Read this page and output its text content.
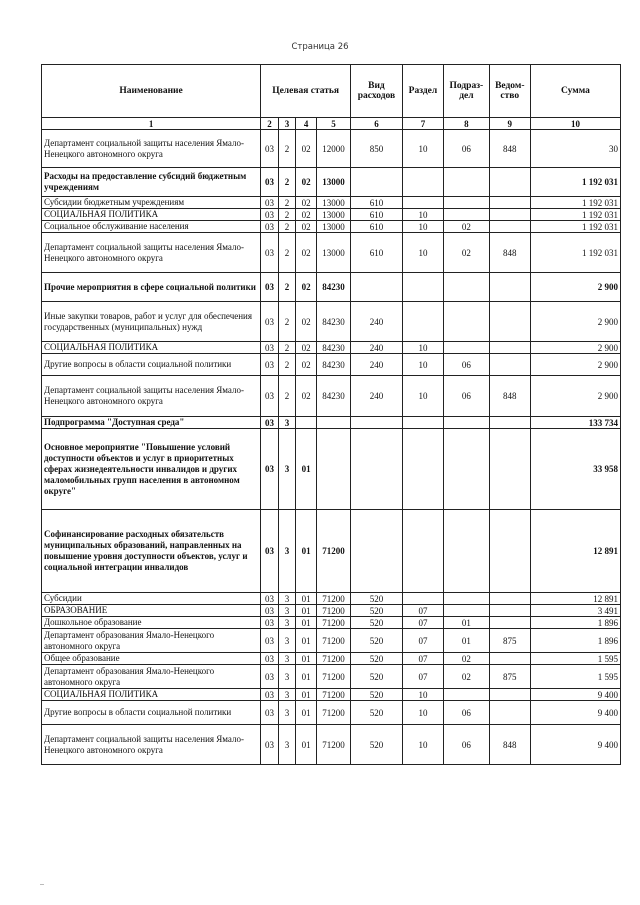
Страница 26
Наименование	Целевая статья				Вид расходов	Раздел	Подраз-дел	Ведом-ство	Сумма
1	2	3	4	5	6	7	8	9	10
Департамент социальной защиты населения Ямало-Ненецкого автономного округа	03	2	02	12000	850	10	06	848	30
Расходы на предоставление субсидий бюджетным учреждениям	03	2	02	13000					1 192 031
Субсидии бюджетным учреждениям	03	2	02	13000	610				1 192 031
СОЦИАЛЬНАЯ ПОЛИТИКА	03	2	02	13000	610	10			1 192 031
Социальное обслуживание населения	03	2	02	13000	610	10	02		1 192 031
Департамент социальной защиты населения Ямало-Ненецкого автономного округа	03	2	02	13000	610	10	02	848	1 192 031
Прочие мероприятия в сфере социальной политики	03	2	02	84230					2 900
Иные закупки товаров, работ и услуг для обеспечения государственных (муниципальных) нужд	03	2	02	84230	240				2 900
СОЦИАЛЬНАЯ ПОЛИТИКА	03	2	02	84230	240	10			2 900
Другие вопросы в области социальной политики	03	2	02	84230	240	10	06		2 900
Департамент социальной защиты населения Ямало-Ненецкого автономного округа	03	2	02	84230	240	10	06	848	2 900
Подпрограмма "Доступная среда"	03	3							133 734
Основное мероприятие "Повышение условий доступности объектов и услуг в приоритетных сферах жизнедеятельности инвалидов и других маломобильных групп населения в автономном округе"	03	3	01						33 958
Софинансирование расходных обязательств муниципальных образований, направленных на повышение уровня доступности объектов, услуг и социальной интеграции инвалидов	03	3	01	71200					12 891
Субсидии	03	3	01	71200	520				12 891
ОБРАЗОВАНИЕ	03	3	01	71200	520	07			3 491
Дошкольное образование	03	3	01	71200	520	07	01		1 896
Департамент образования Ямало-Ненецкого автономного округа	03	3	01	71200	520	07	01	875	1 896
Общее образование	03	3	01	71200	520	07	02		1 595
Департамент образования Ямало-Ненецкого автономного округа	03	3	01	71200	520	07	02	875	1 595
СОЦИАЛЬНАЯ ПОЛИТИКА	03	3	01	71200	520	10			9 400
Другие вопросы в области социальной политики	03	3	01	71200	520	10	06		9 400
Департамент социальной защиты населения Ямало-Ненецкого автономного округа	03	3	01	71200	520	10	06	848	9 400
